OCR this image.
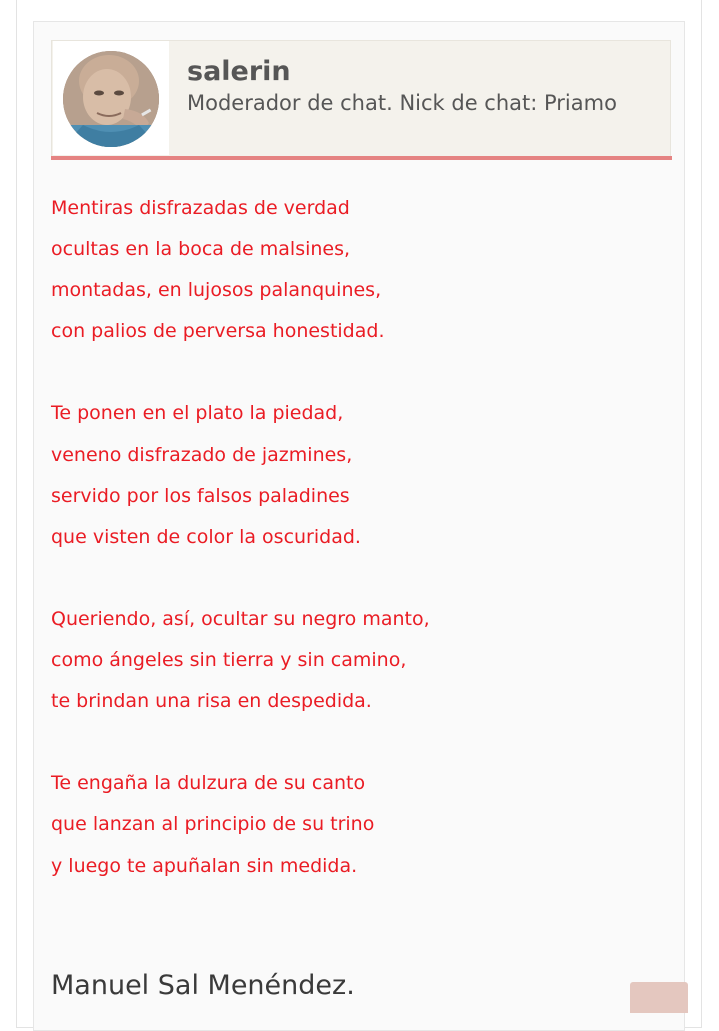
salerin
Moderador de chat. Nick de chat: Priamo
Mentiras disfrazadas de verdad
ocultas en la boca de malsines,
montadas, en lujosos palanquines,
con palios de perversa honestidad.
Te ponen en el plato la piedad,
veneno disfrazado de jazmines,
servido por los falsos paladines
que visten de color la oscuridad.
Queriendo, así, ocultar su negro manto,
como ángeles sin tierra y sin camino,
te brindan una risa en despedida.
Te engaña la dulzura de su canto
que lanzan al principio de su trino
y luego te apuñalan sin medida.
Manuel Sal Menéndez.
